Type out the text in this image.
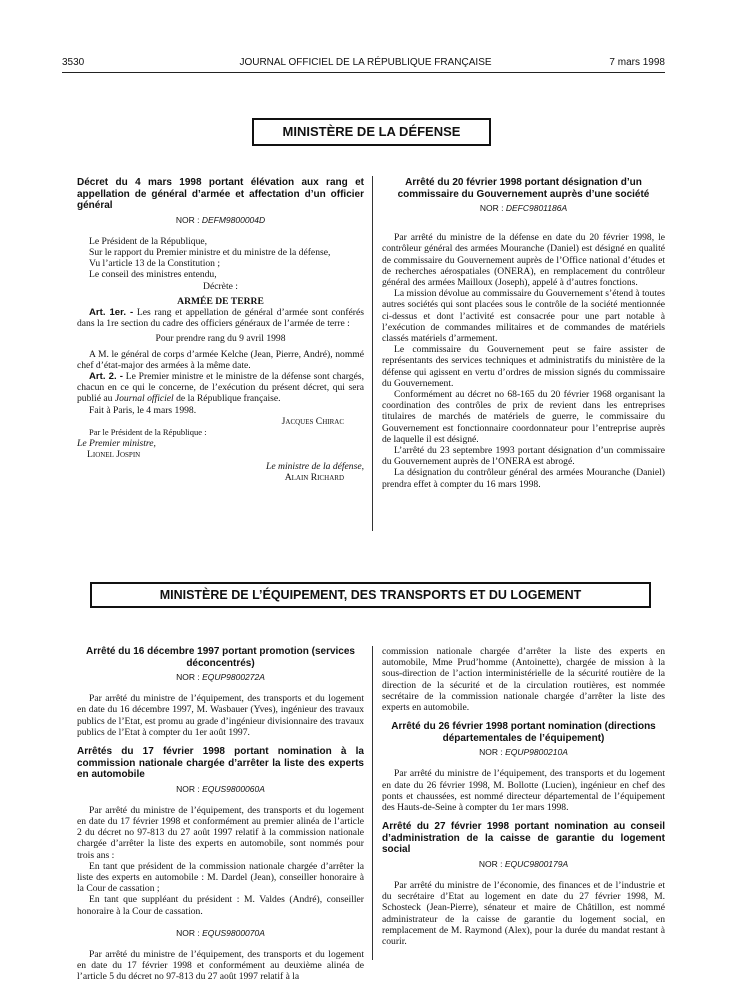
3530	JOURNAL OFFICIEL DE LA RÉPUBLIQUE FRANÇAISE	7 mars 1998
MINISTÈRE DE LA DÉFENSE
Décret du 4 mars 1998 portant élévation aux rang et appellation de général d’armée et affectation d’un officier général
NOR : DEFM9800004D

Le Président de la République,

Sur le rapport du Premier ministre et du ministre de la défense,

Vu l’article 13 de la Constitution ;

Le conseil des ministres entendu,

Décrète :

ARMÉE DE TERRE

Art. 1er. - Les rang et appellation de général d’armée sont conférés dans la 1re section du cadre des officiers généraux de l’armée de terre :

Pour prendre rang du 9 avril 1998

A M. le général de corps d’armée Kelche (Jean, Pierre, André), nommé chef d’état-major des armées à la même date.

Art. 2. - Le Premier ministre et le ministre de la défense sont chargés, chacun en ce qui le concerne, de l’exécution du présent décret, qui sera publié au Journal officiel de la République française.

Fait à Paris, le 4 mars 1998.

Jacques Chirac

Par le Président de la République :

Le Premier ministre,

Lionel Jospin

Le ministre de la défense,

Alain Richard

Arrêté du 20 février 1998 portant désignation d’un commissaire du Gouvernement auprès d’une société
NOR : DEFC9801186A

Par arrêté du ministre de la défense en date du 20 février 1998, le contrôleur général des armées Mouranche (Daniel) est désigné en qualité de commissaire du Gouvernement auprès de l’Office national d’études et de recherches aérospatiales (ONERA), en remplacement du contrôleur général des armées Mailloux (Joseph), appelé à d’autres fonctions.

La mission dévolue au commissaire du Gouvernement s’étend à toutes autres sociétés qui sont placées sous le contrôle de la société mentionnée ci-dessus et dont l’activité est consacrée pour une part notable à l’exécution de commandes militaires et de commandes de matériels classés matériels d’armement.

Le commissaire du Gouvernement peut se faire assister de représentants des services techniques et administratifs du ministère de la défense qui agissent en vertu d’ordres de mission signés du commissaire du Gouvernement.

Conformément au décret no 68-165 du 20 février 1968 organisant la coordination des contrôles de prix de revient dans les entreprises titulaires de marchés de matériels de guerre, le commissaire du Gouvernement est fonctionnaire coordonnateur pour l’entreprise auprès de laquelle il est désigné.

L’arrêté du 23 septembre 1993 portant désignation d’un commissaire du Gouvernement auprès de l’ONERA est abrogé.

La désignation du contrôleur général des armées Mouranche (Daniel) prendra effet à compter du 16 mars 1998.

MINISTÈRE DE L’ÉQUIPEMENT, DES TRANSPORTS ET DU LOGEMENT
Arrêté du 16 décembre 1997 portant promotion (services déconcentrés)
NOR : EQUP9800272A

Par arrêté du ministre de l’équipement, des transports et du logement en date du 16 décembre 1997, M. Wasbauer (Yves), ingénieur des travaux publics de l’Etat, est promu au grade d’ingénieur divisionnaire des travaux publics de l’Etat à compter du 1er août 1997.

Arrêtés du 17 février 1998 portant nomination à la commission nationale chargée d’arrêter la liste des experts en automobile
NOR : EQUS9800060A

Par arrêté du ministre de l’équipement, des transports et du logement en date du 17 février 1998 et conformément au premier alinéa de l’article 2 du décret no 97-813 du 27 août 1997 relatif à la commission nationale chargée d’arrêter la liste des experts en automobile, sont nommés pour trois ans :

En tant que président de la commission nationale chargée d’arrêter la liste des experts en automobile : M. Dardel (Jean), conseiller honoraire à la Cour de cassation ;

En tant que suppléant du président : M. Valdes (André), conseiller honoraire à la Cour de cassation.

NOR : EQUS9800070A

Par arrêté du ministre de l’équipement, des transports et du logement en date du 17 février 1998 et conformément au deuxième alinéa de l’article 5 du décret no 97-813 du 27 août 1997 relatif à la

commission nationale chargée d’arrêter la liste des experts en automobile, Mme Prud’homme (Antoinette), chargée de mission à la sous-direction de l’action interministérielle de la sécurité routière de la direction de la sécurité et de la circulation routières, est nommée secrétaire de la commission nationale chargée d’arrêter la liste des experts en automobile.

Arrêté du 26 février 1998 portant nomination (directions départementales de l’équipement)
NOR : EQUP9800210A

Par arrêté du ministre de l’équipement, des transports et du logement en date du 26 février 1998, M. Bollotte (Lucien), ingénieur en chef des ponts et chaussées, est nommé directeur départemental de l’équipement des Hauts-de-Seine à compter du 1er mars 1998.

Arrêté du 27 février 1998 portant nomination au conseil d’administration de la caisse de garantie du logement social
NOR : EQUC9800179A

Par arrêté du ministre de l’économie, des finances et de l’industrie et du secrétaire d’Etat au logement en date du 27 février 1998, M. Schosteck (Jean-Pierre), sénateur et maire de Châtillon, est nommé administrateur de la caisse de garantie du logement social, en remplacement de M. Raymond (Alex), pour la durée du mandat restant à courir.
